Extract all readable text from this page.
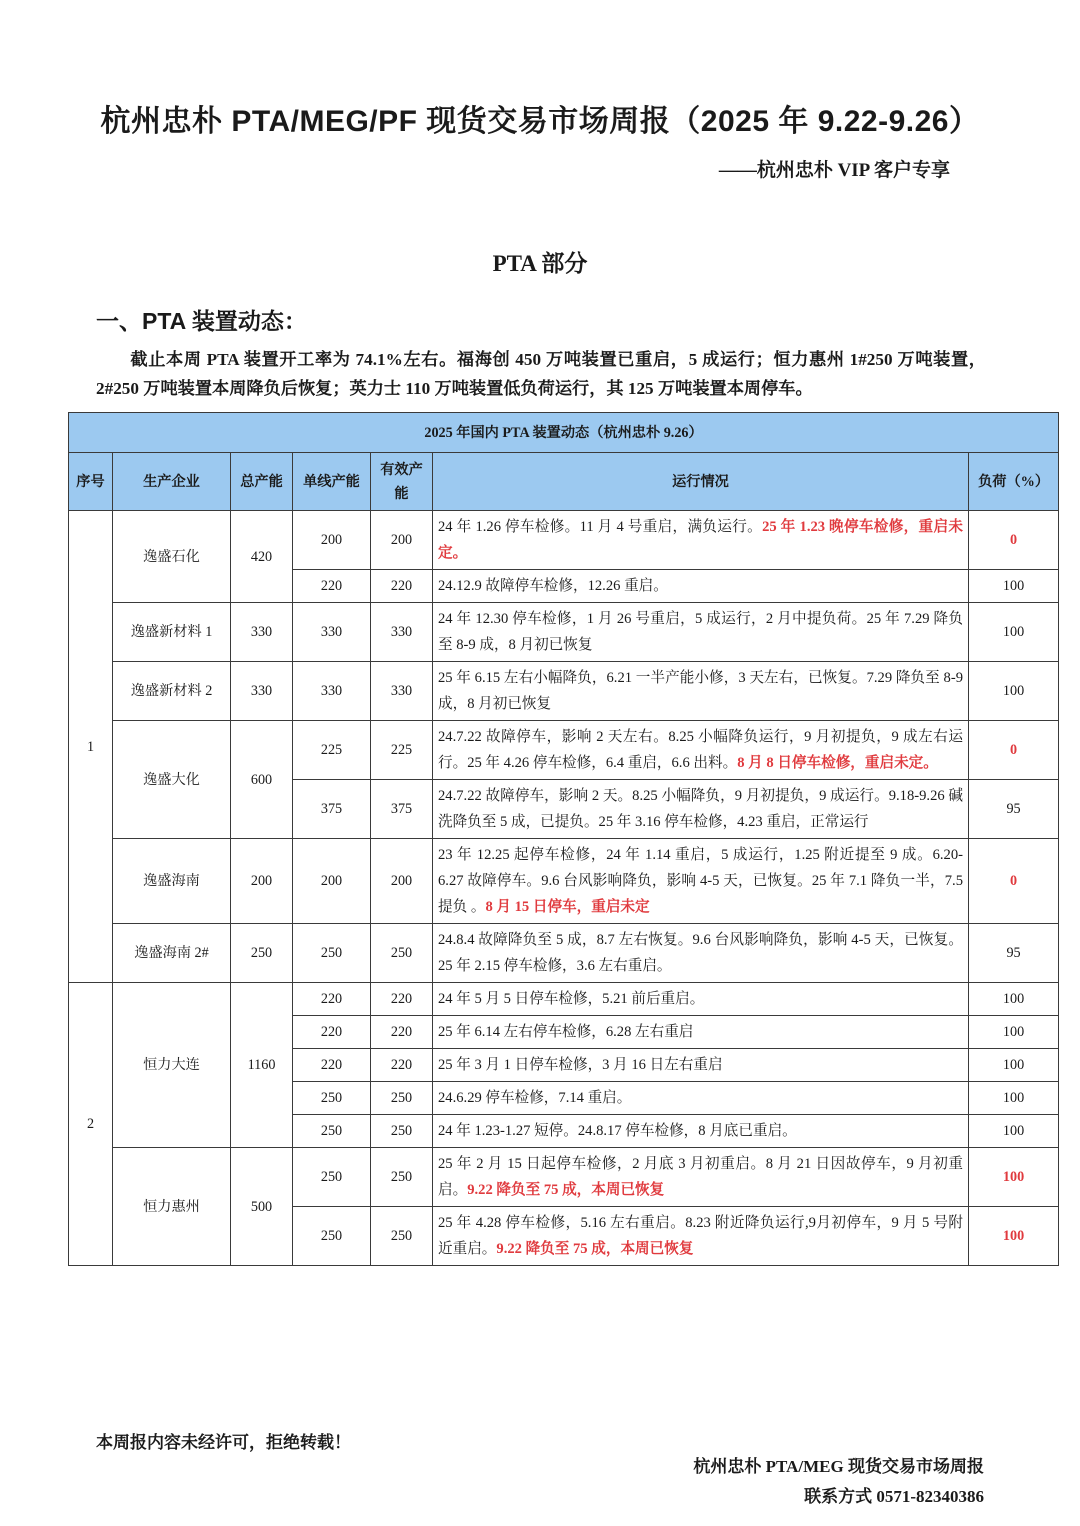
杭州忠朴 PTA/MEG/PF 现货交易市场周报（2025 年 9.22-9.26）
——杭州忠朴 VIP 客户专享
PTA 部分
一、PTA 装置动态：
截止本周 PTA 装置开工率为 74.1%左右。福海创 450 万吨装置已重启，5 成运行；恒力惠州 1#250 万吨装置，2#250 万吨装置本周降负后恢复；英力士 110 万吨装置低负荷运行，其 125 万吨装置本周停车。
2025 年国内 PTA 装置动态（杭州忠朴 9.26）						
序号	生产企业	总产能	单线产能	有效产能	运行情况	负荷（%）
1	逸盛石化	420	200	200	24 年 1.26 停车检修。11 月 4 号重启，满负运行。25 年 1.23 晚停车检修，重启未定。	0
			220	220	24.12.9 故障停车检修，12.26 重启。	100
	逸盛新材料 1	330	330	330	24 年 12.30 停车检修，1 月 26 号重启，5 成运行，2 月中提负荷。25 年 7.29 降负至 8-9 成，8 月初已恢复	100
	逸盛新材料 2	330	330	330	25 年 6.15 左右小幅降负，6.21 一半产能小修，3 天左右，已恢复。7.29 降负至 8-9 成，8 月初已恢复	100
	逸盛大化	600	225	225	24.7.22 故障停车，影响 2 天左右。8.25 小幅降负运行，9 月初提负，9 成左右运行。25 年 4.26 停车检修，6.4 重启，6.6 出料。8 月 8 日停车检修，重启未定。	0
			375	375	24.7.22 故障停车，影响 2 天。8.25 小幅降负，9 月初提负，9 成运行。9.18-9.26 碱洗降负至 5 成，已提负。25 年 3.16 停车检修，4.23 重启，正常运行	95
	逸盛海南	200	200	200	23 年 12.25 起停车检修，24 年 1.14 重启，5 成运行，1.25 附近提至 9 成。6.20-6.27 故障停车。9.6 台风影响降负，影响 4-5 天，已恢复。25 年 7.1 降负一半，7.5 提负 。8 月 15 日停车，重启未定	0
	逸盛海南 2#	250	250	250	24.8.4 故障降负至 5 成，8.7 左右恢复。9.6 台风影响降负，影响 4-5 天，已恢复。25 年 2.15 停车检修，3.6 左右重启。	95
2	恒力大连	1160	220	220	24 年 5 月 5 日停车检修，5.21 前后重启。	100
			220	220	25 年 6.14 左右停车检修，6.28 左右重启	100
			220	220	25 年 3 月 1 日停车检修，3 月 16 日左右重启	100
			250	250	24.6.29 停车检修，7.14 重启。	100
			250	250	24 年 1.23-1.27 短停。24.8.17 停车检修，8 月底已重启。	100
	恒力惠州	500	250	250	25 年 2 月 15 日起停车检修，2 月底 3 月初重启。8 月 21 日因故停车，9 月初重启。9.22 降负至 75 成，本周已恢复	100
			250	250	25 年 4.28 停车检修，5.16 左右重启。8.23 附近降负运行,9月初停车，9 月 5 号附近重启。9.22 降负至 75 成，本周已恢复	100
本周报内容未经许可，拒绝转载！
杭州忠朴 PTA/MEG 现货交易市场周报
联系方式 0571-82340386
